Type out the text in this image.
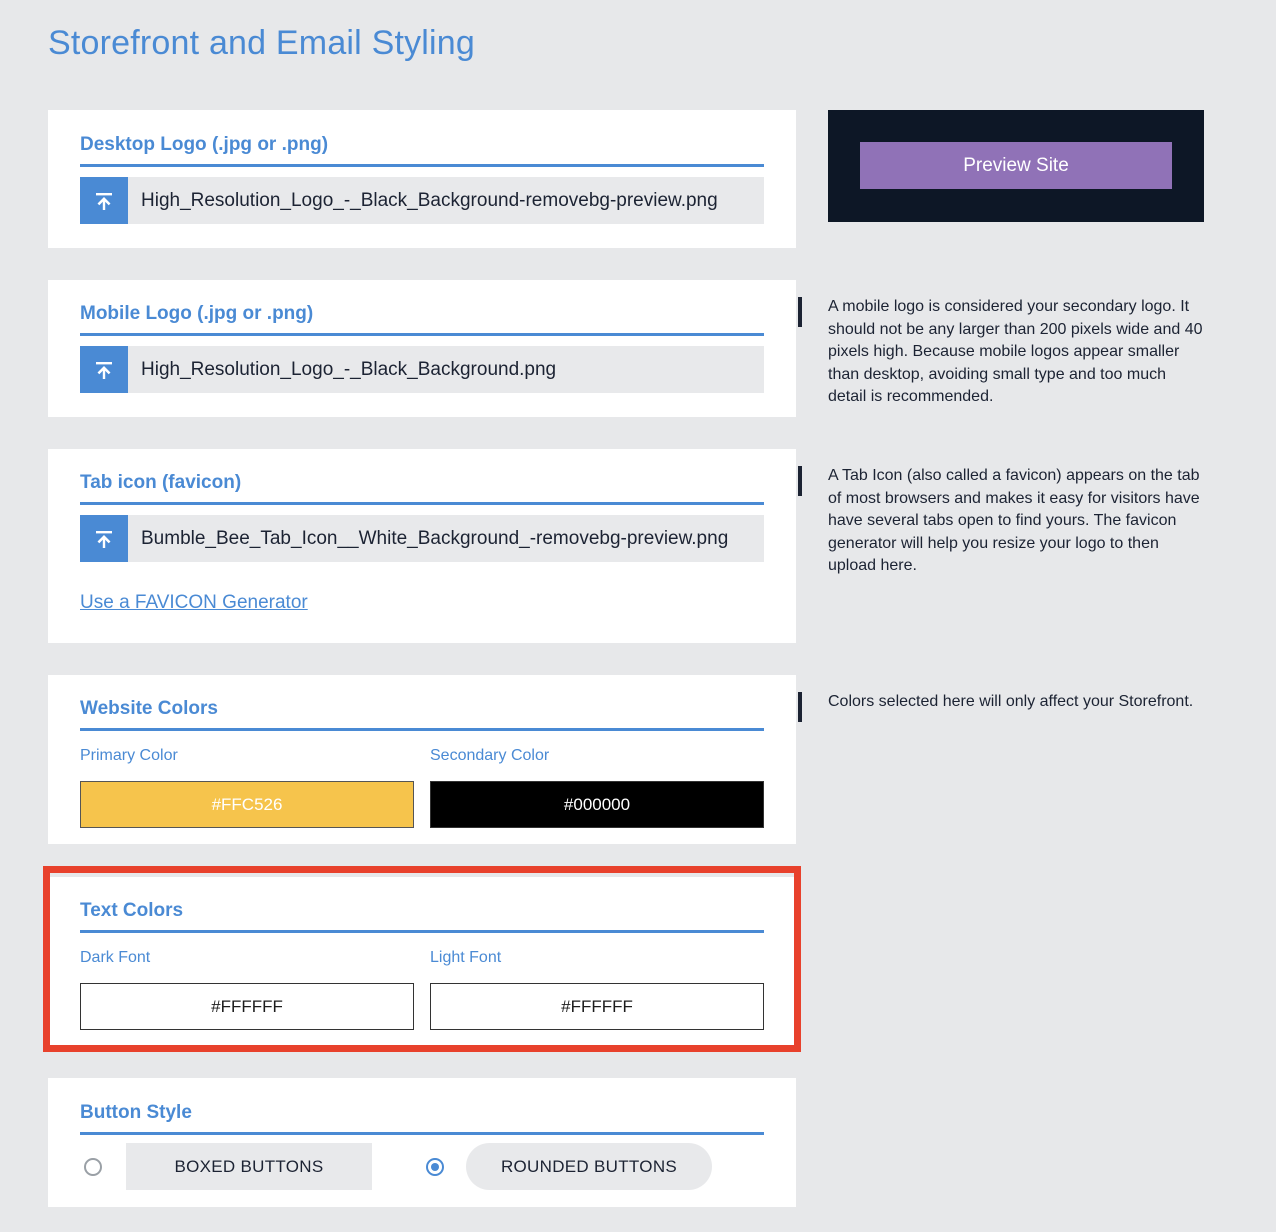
Storefront and Email Styling
Desktop Logo (.jpg or .png)
High_Resolution_Logo_-_Black_Background-removebg-preview.png
Preview Site
Mobile Logo (.jpg or .png)
High_Resolution_Logo_-_Black_Background.png
A mobile logo is considered your secondary logo. It should not be any larger than 200 pixels wide and 40 pixels high. Because mobile logos appear smaller than desktop, avoiding small type and too much detail is recommended.
Tab icon (favicon)
Bumble_Bee_Tab_Icon__White_Background_-removebg-preview.png
Use a FAVICON Generator
A Tab Icon (also called a favicon) appears on the tab of most browsers and makes it easy for visitors have have several tabs open to find yours. The favicon generator will help you resize your logo to then upload here.
Website Colors
Primary Color
#FFC526
Secondary Color
#000000
Colors selected here will only affect your Storefront.
Text Colors
Dark Font
#FFFFFF
Light Font
#FFFFFF
Button Style
BOXED BUTTONS	ROUNDED BUTTONS
